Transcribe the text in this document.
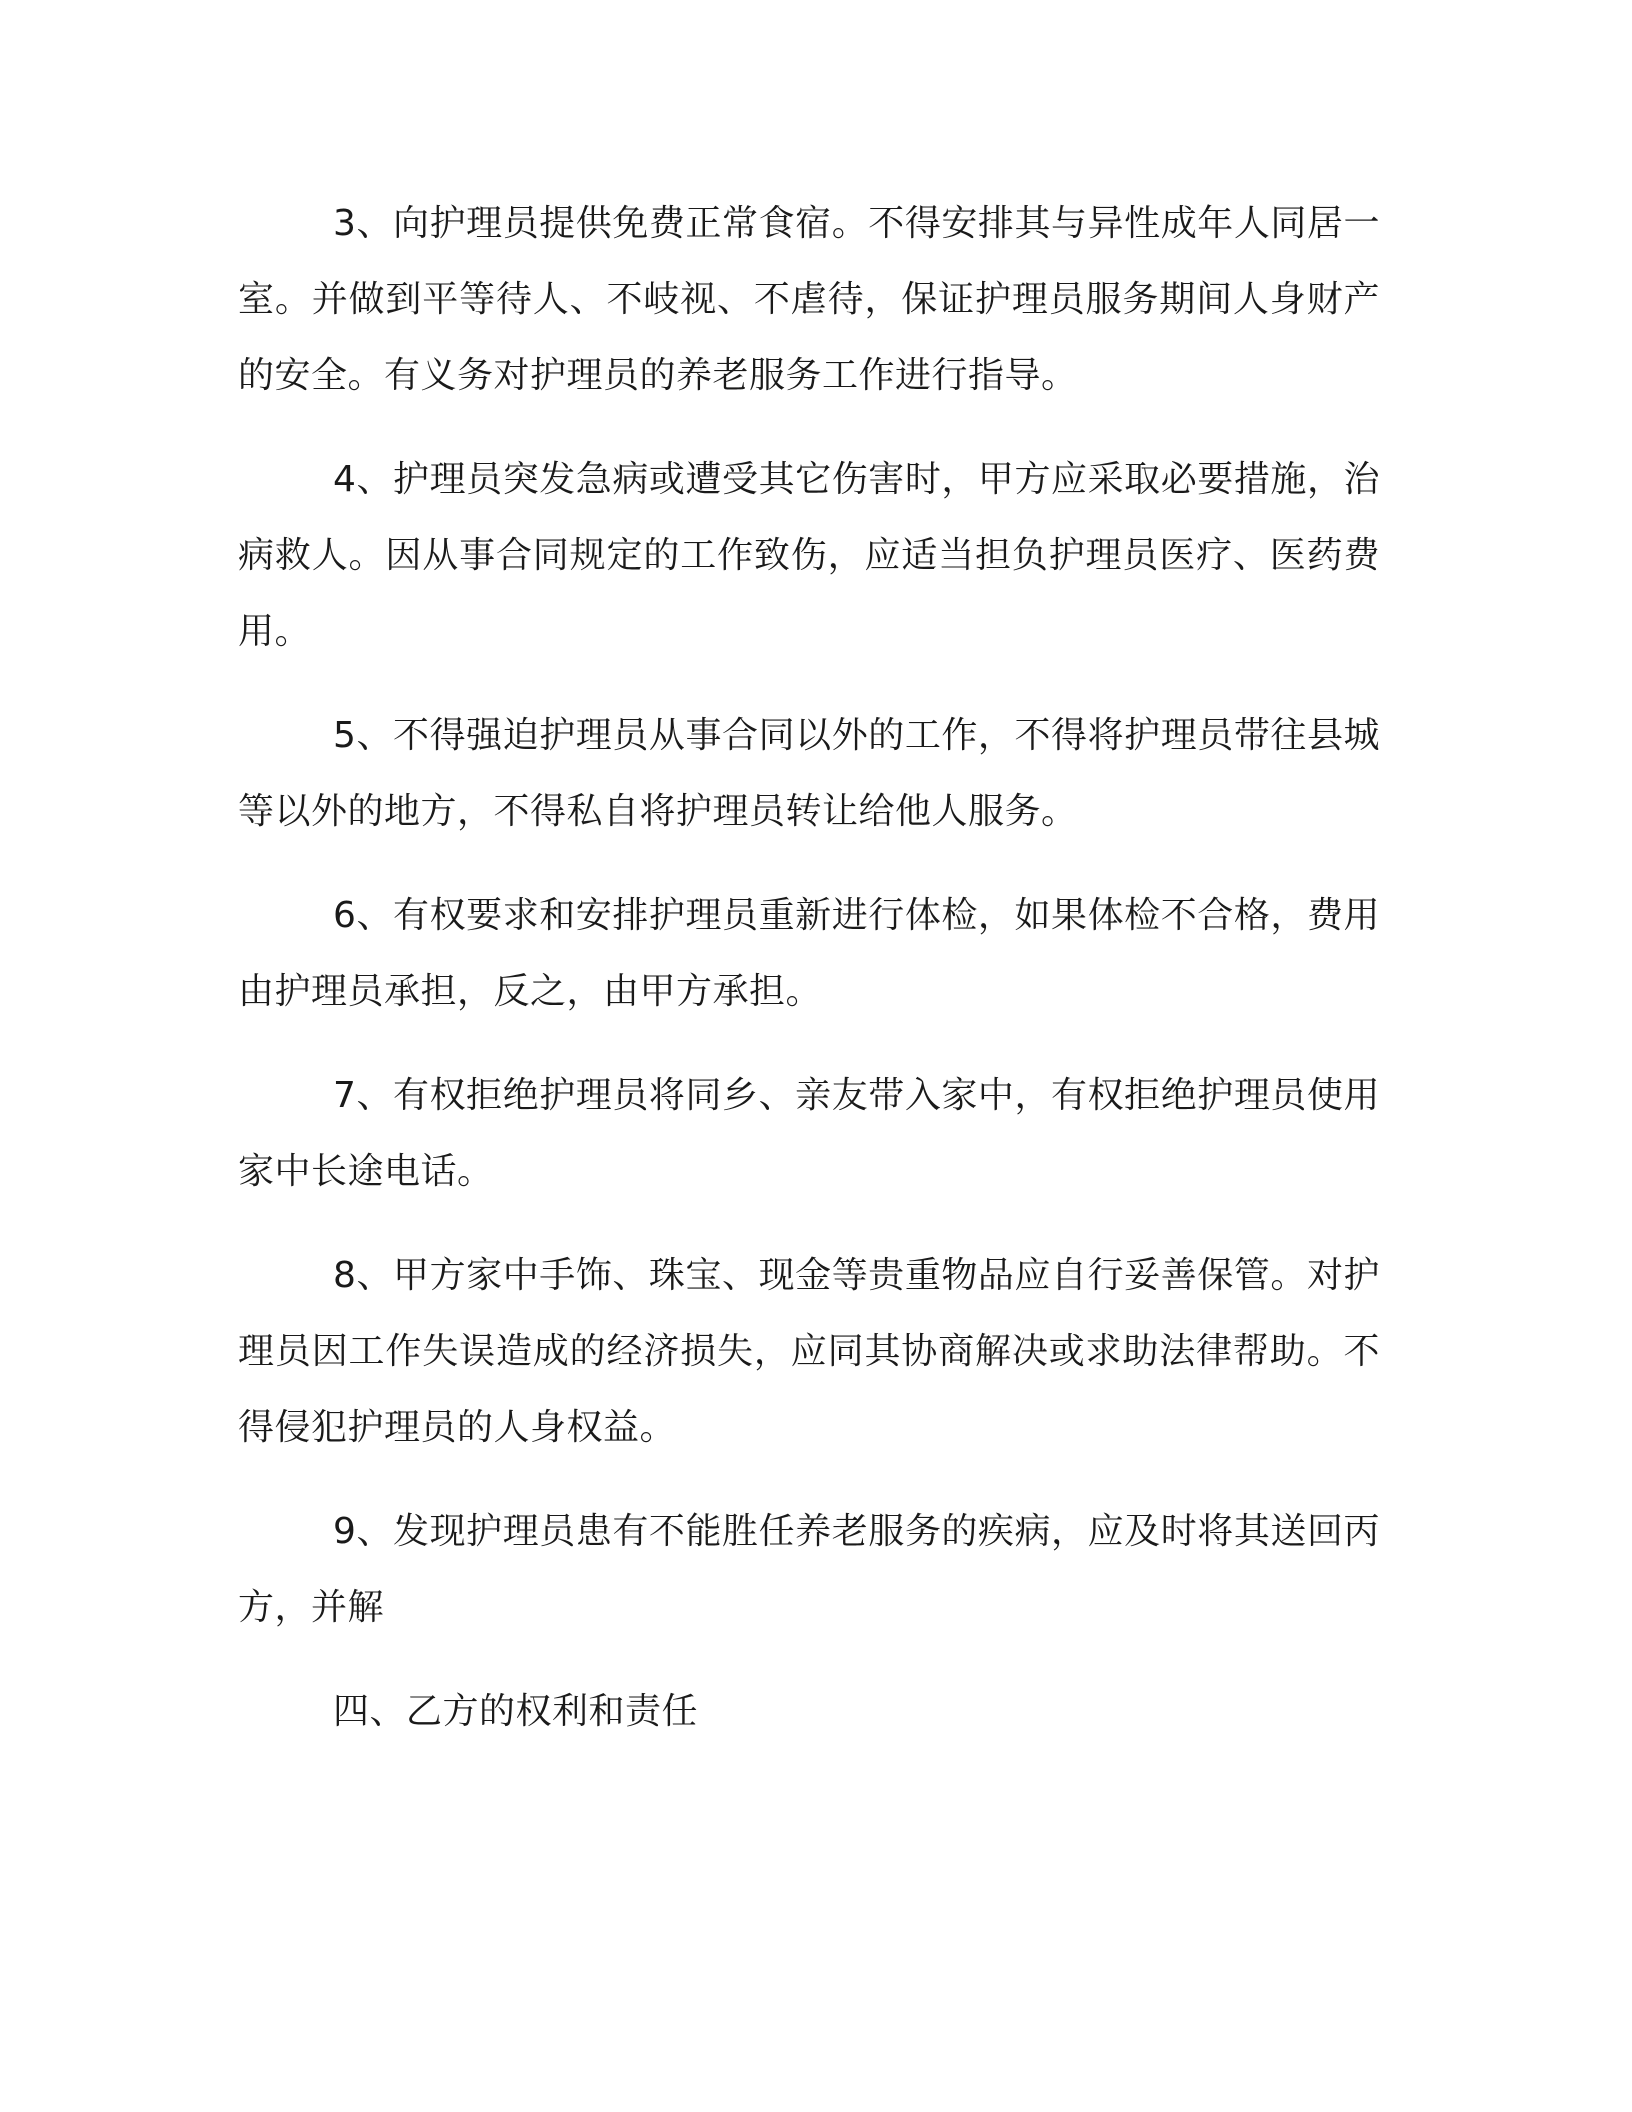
3、向护理员提供免费正常食宿。不得安排其与异性成年人同居一室。并做到平等待人、不岐视、不虐待，保证护理员服务期间人身财产的安全。有义务对护理员的养老服务工作进行指导。

4、护理员突发急病或遭受其它伤害时，甲方应采取必要措施，治病救人。因从事合同规定的工作致伤，应适当担负护理员医疗、医药费用。

5、不得强迫护理员从事合同以外的工作，不得将护理员带往县城等以外的地方，不得私自将护理员转让给他人服务。

6、有权要求和安排护理员重新进行体检，如果体检不合格，费用由护理员承担，反之，由甲方承担。

7、有权拒绝护理员将同乡、亲友带入家中，有权拒绝护理员使用家中长途电话。

8、甲方家中手饰、珠宝、现金等贵重物品应自行妥善保管。对护理员因工作失误造成的经济损失，应同其协商解决或求助法律帮助。不得侵犯护理员的人身权益。

9、发现护理员患有不能胜任养老服务的疾病，应及时将其送回丙方，并解

四、乙方的权利和责任
